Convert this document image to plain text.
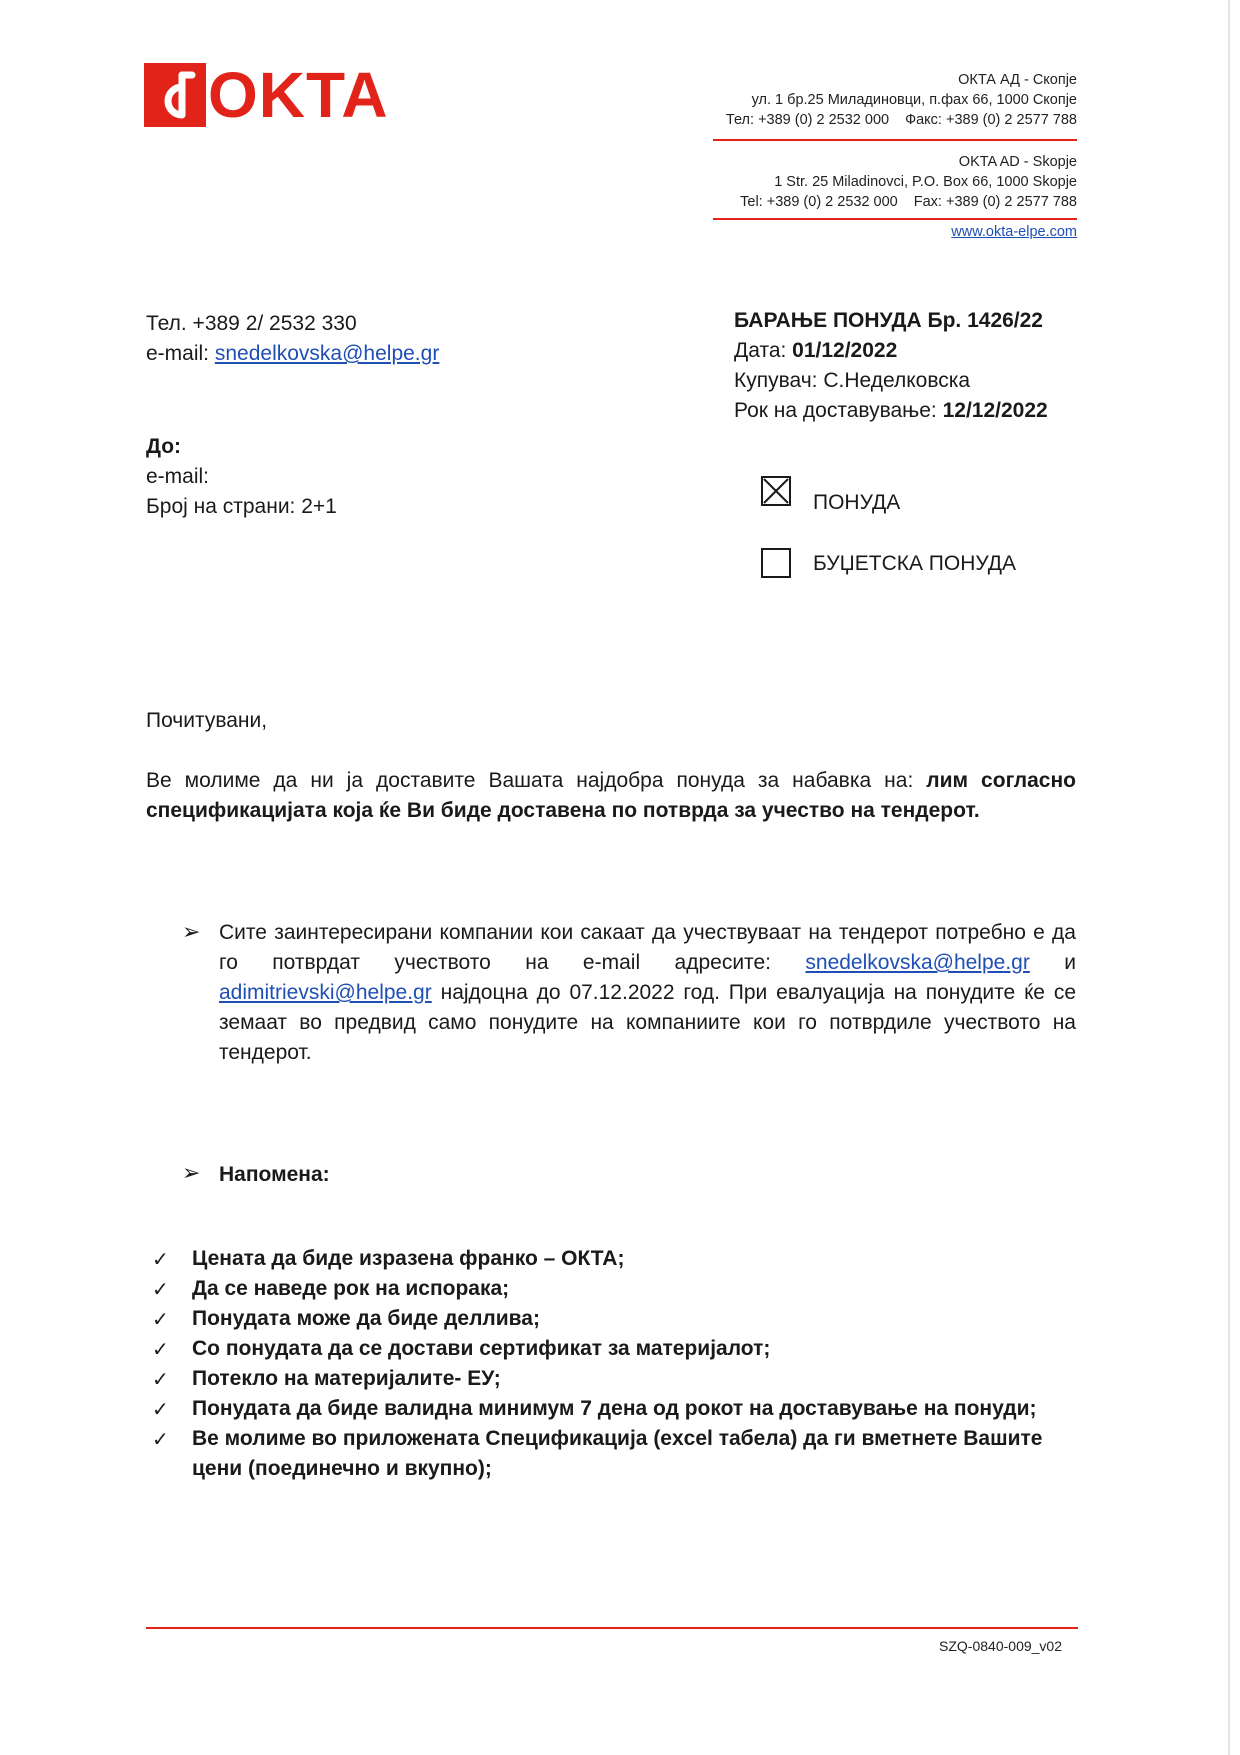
OKTA	ОКТА АД - Скопје
ул. 1 бр.25 Миладиновци, п.фах 66, 1000 Скопје
Тел: +389 (0) 2 2532 000 Факс: +389 (0) 2 2577 788
OKTA AD - Skopje
1 Str. 25 Miladinovci, P.O. Box 66, 1000 Skopje
Tel: +389 (0) 2 2532 000 Fax: +389 (0) 2 2577 788
www.okta-elpe.com
Тел. +389 2/ 2532 330
e-mail: snedelkovska@helpe.gr
До:
e-mail:
Број на страни: 2+1
БАРАЊЕ ПОНУДА Бр. 1426/22
Дата: 01/12/2022
Купувач: С.Неделковска
Рок на доставување: 12/12/2022
ПОНУДА
БУЏЕТСКА ПОНУДА
Почитувани,
Ве молиме да ни ја доставите Вашата најдобра понуда за набавка на: лим согласно спецификацијата која ќе Ви биде доставена по потврда за учество на тендерот.
➢ Сите заинтересирани компании кои сакаат да учествуваат на тендерот потребно е да го потврдат учеството на e-mail адресите: snedelkovska@helpe.gr и adimitrievski@helpe.gr најдоцна до 07.12.2022 год. При евалуација на понудите ќе се земаат во предвид само понудите на компаниите кои го потврдиле учеството на тендерот.
➢ Напомена:
✓	Цената да биде изразена франко – ОКТА;
✓	Да се наведе рок на испорака;
✓	Понудата може да биде деллива;
✓	Со понудата да се достави сертификат за материјалот;
✓	Потекло на материјалите- ЕУ;
✓	Понудата да биде валидна минимум 7 дена од рокот на доставување на понуди;
✓	Ве молиме во приложената Спецификација (excel табела) да ги вметнете Вашите цени (поединечно и вкупно);
SZQ-0840-009_v02
